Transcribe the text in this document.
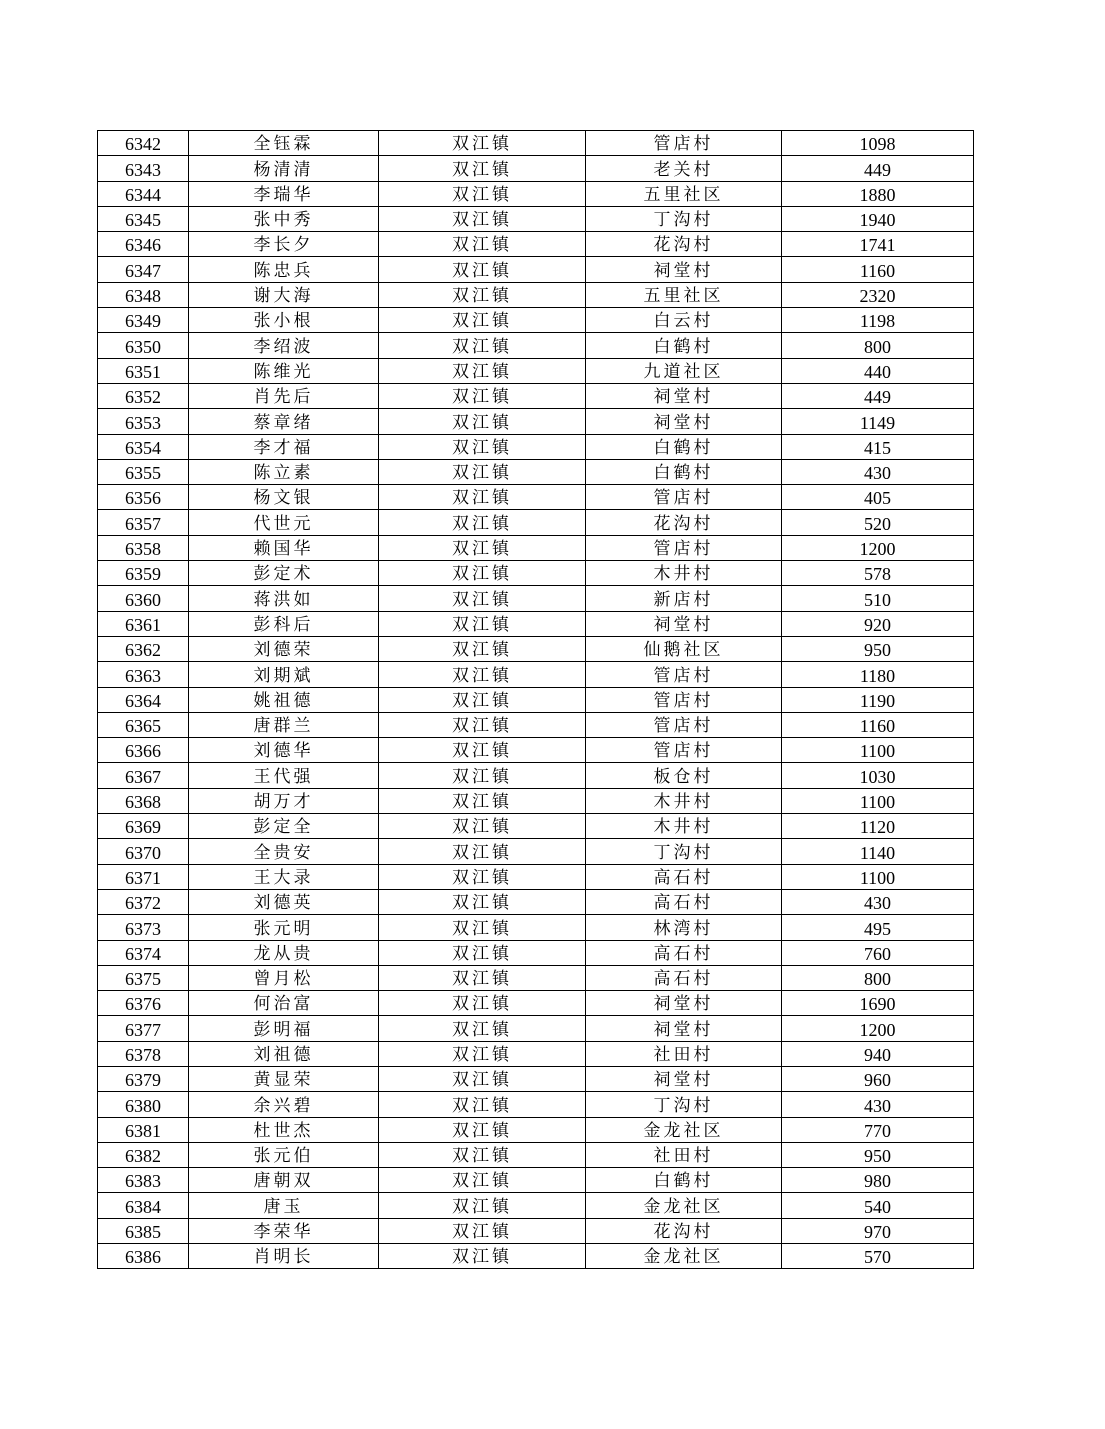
6342	全钰霖	双江镇	管店村	1098
6343	杨清清	双江镇	老关村	449
6344	李瑞华	双江镇	五里社区	1880
6345	张中秀	双江镇	丁沟村	1940
6346	李长夕	双江镇	花沟村	1741
6347	陈忠兵	双江镇	祠堂村	1160
6348	谢大海	双江镇	五里社区	2320
6349	张小根	双江镇	白云村	1198
6350	李绍波	双江镇	白鹤村	800
6351	陈维光	双江镇	九道社区	440
6352	肖先后	双江镇	祠堂村	449
6353	蔡章绪	双江镇	祠堂村	1149
6354	李才福	双江镇	白鹤村	415
6355	陈立素	双江镇	白鹤村	430
6356	杨文银	双江镇	管店村	405
6357	代世元	双江镇	花沟村	520
6358	赖国华	双江镇	管店村	1200
6359	彭定术	双江镇	木井村	578
6360	蒋洪如	双江镇	新店村	510
6361	彭科后	双江镇	祠堂村	920
6362	刘德荣	双江镇	仙鹅社区	950
6363	刘期斌	双江镇	管店村	1180
6364	姚祖德	双江镇	管店村	1190
6365	唐群兰	双江镇	管店村	1160
6366	刘德华	双江镇	管店村	1100
6367	王代强	双江镇	板仓村	1030
6368	胡万才	双江镇	木井村	1100
6369	彭定全	双江镇	木井村	1120
6370	全贵安	双江镇	丁沟村	1140
6371	王大录	双江镇	高石村	1100
6372	刘德英	双江镇	高石村	430
6373	张元明	双江镇	林湾村	495
6374	龙从贵	双江镇	高石村	760
6375	曾月松	双江镇	高石村	800
6376	何治富	双江镇	祠堂村	1690
6377	彭明福	双江镇	祠堂村	1200
6378	刘祖德	双江镇	社田村	940
6379	黄显荣	双江镇	祠堂村	960
6380	余兴碧	双江镇	丁沟村	430
6381	杜世杰	双江镇	金龙社区	770
6382	张元伯	双江镇	社田村	950
6383	唐朝双	双江镇	白鹤村	980
6384	唐玉	双江镇	金龙社区	540
6385	李荣华	双江镇	花沟村	970
6386	肖明长	双江镇	金龙社区	570
